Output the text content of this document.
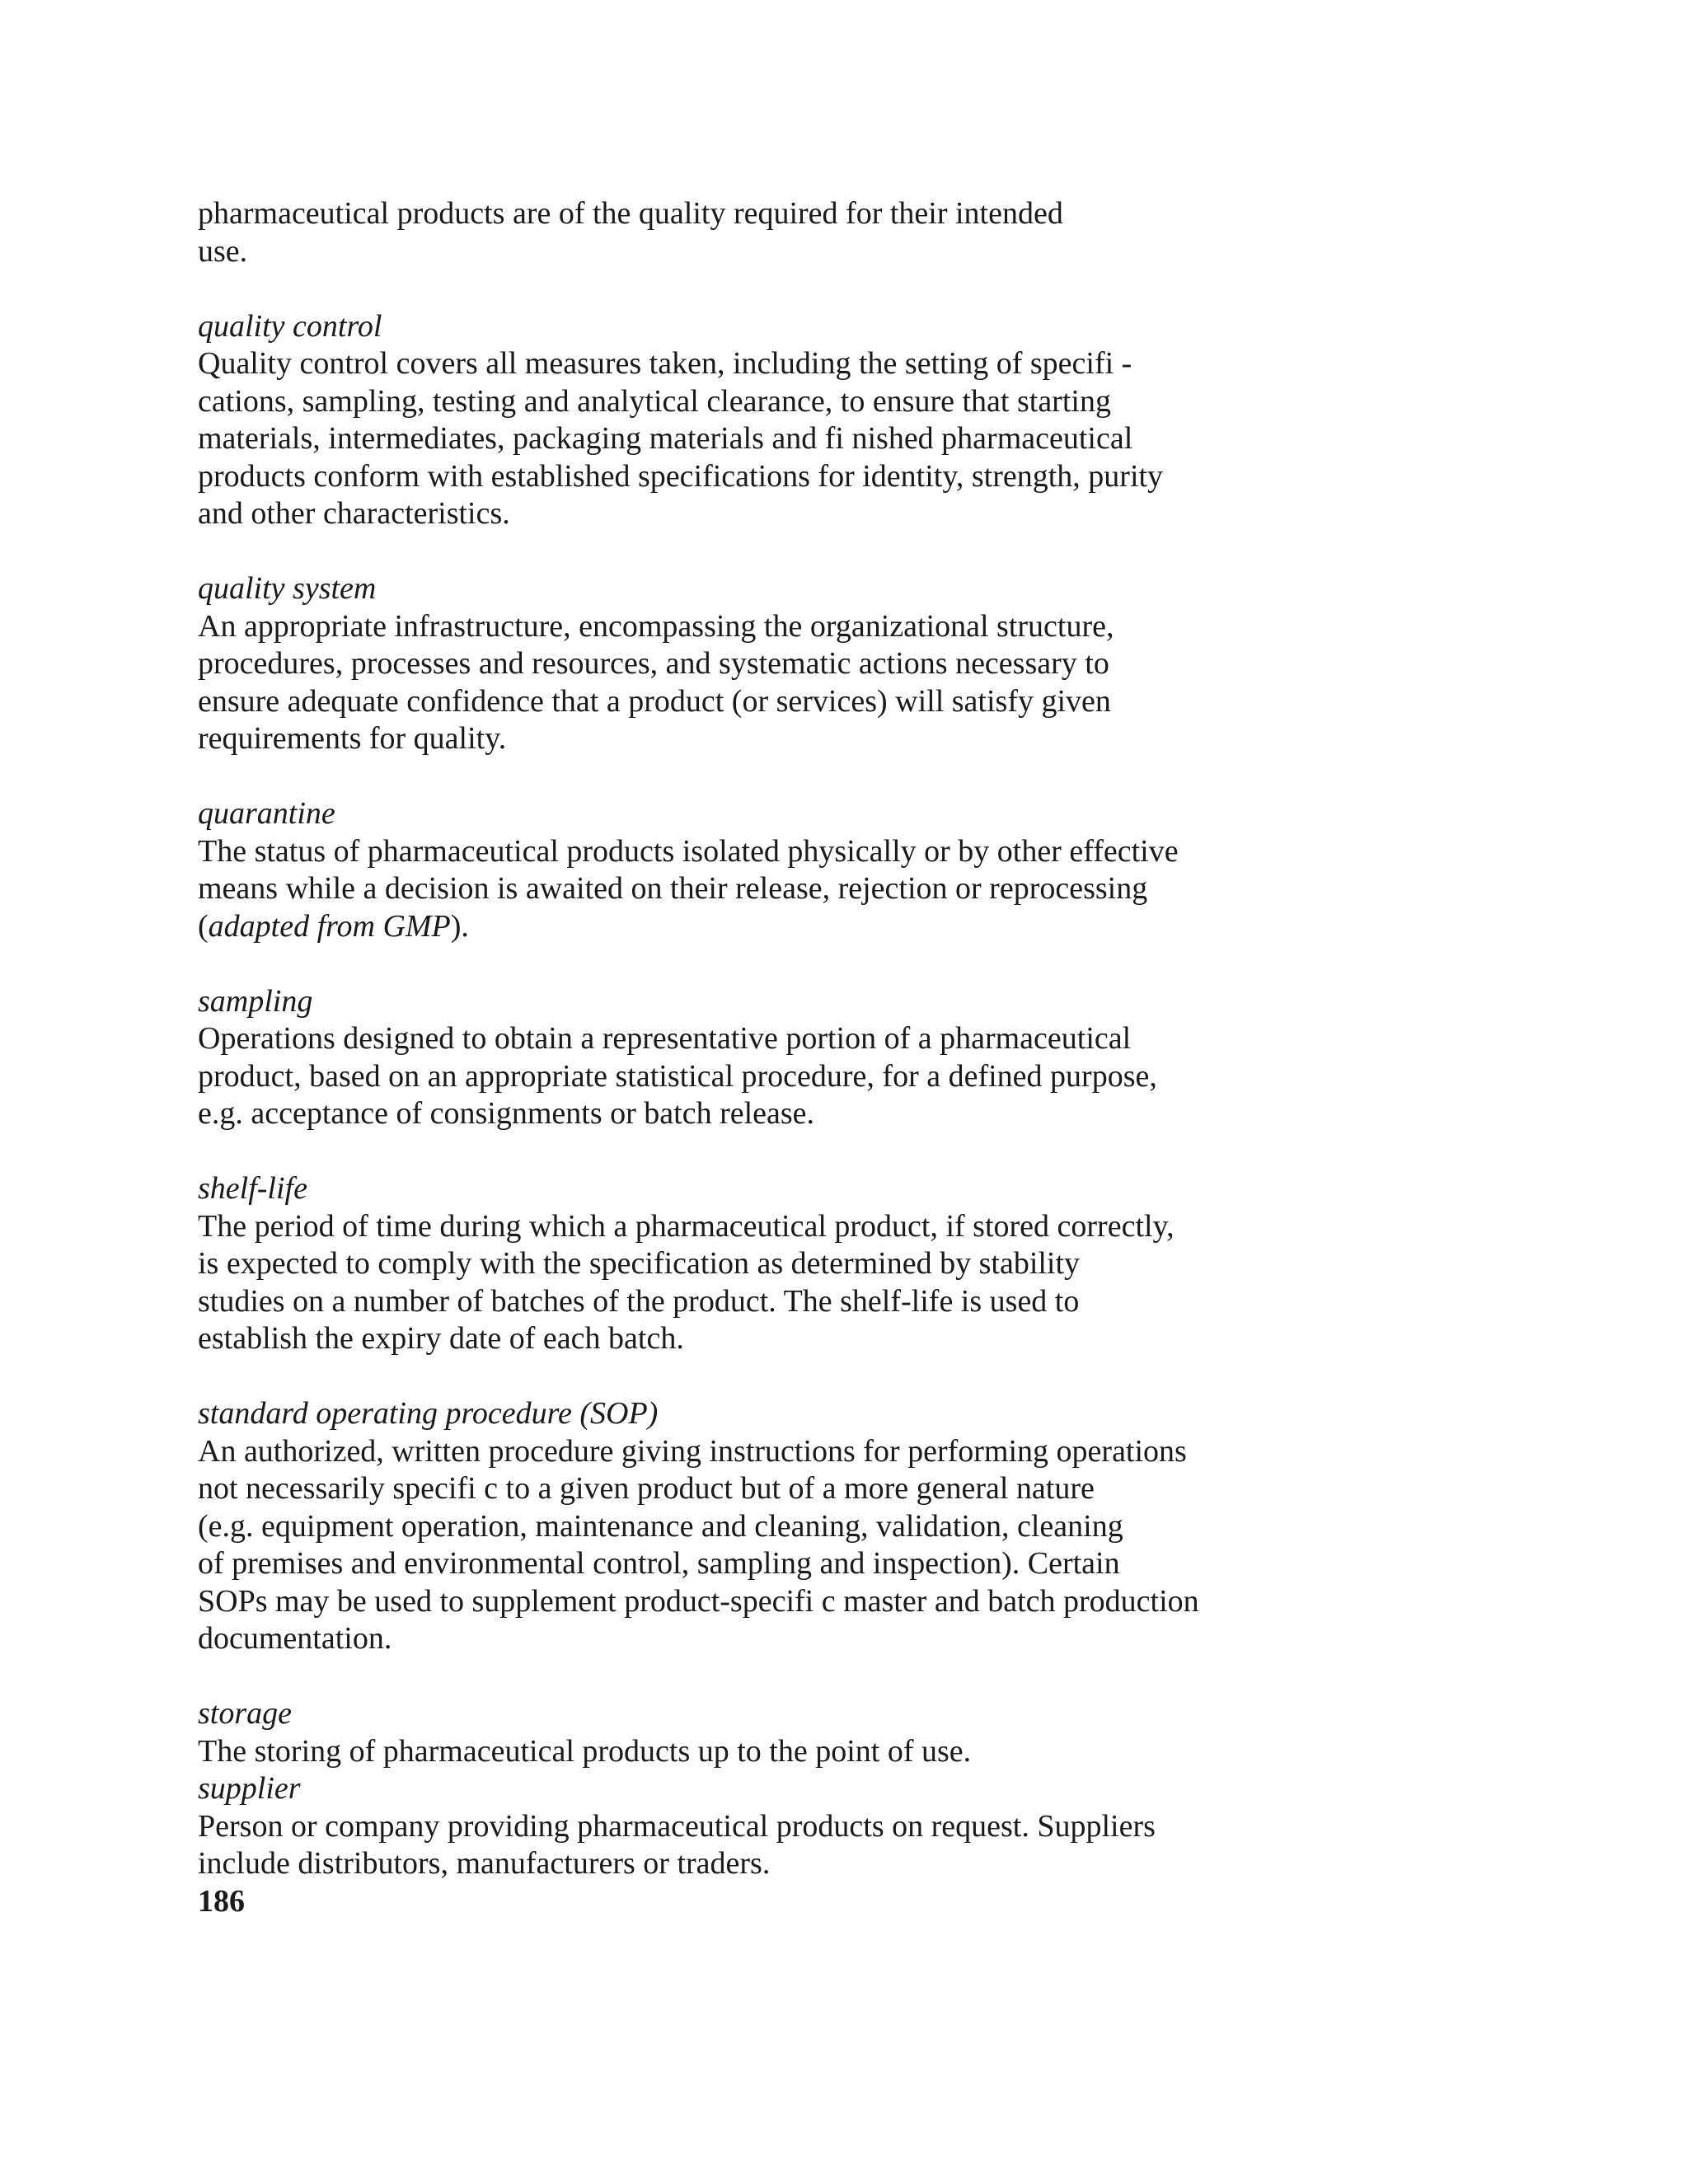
pharmaceutical products are of the quality required for their intended
use.
quality control
Quality control covers all measures taken, including the setting of specifi -
cations, sampling, testing and analytical clearance, to ensure that starting
materials, intermediates, packaging materials and fi nished pharmaceutical
products conform with established specifications for identity, strength, purity
and other characteristics.
quality system
An appropriate infrastructure, encompassing the organizational structure,
procedures, processes and resources, and systematic actions necessary to
ensure adequate confidence that a product (or services) will satisfy given
requirements for quality.
quarantine
The status of pharmaceutical products isolated physically or by other effective
means while a decision is awaited on their release, rejection or reprocessing
(adapted from GMP).
sampling
Operations designed to obtain a representative portion of a pharmaceutical
product, based on an appropriate statistical procedure, for a defined purpose,
e.g. acceptance of consignments or batch release.
shelf-life
The period of time during which a pharmaceutical product, if stored correctly,
is expected to comply with the specification as determined by stability
studies on a number of batches of the product. The shelf-life is used to
establish the expiry date of each batch.
standard operating procedure (SOP)
An authorized, written procedure giving instructions for performing operations
not necessarily specifi c to a given product but of a more general nature
(e.g. equipment operation, maintenance and cleaning, validation, cleaning
of premises and environmental control, sampling and inspection). Certain
SOPs may be used to supplement product-specifi c master and batch production
documentation.
storage
The storing of pharmaceutical products up to the point of use.
supplier
Person or company providing pharmaceutical products on request. Suppliers
include distributors, manufacturers or traders.
186
